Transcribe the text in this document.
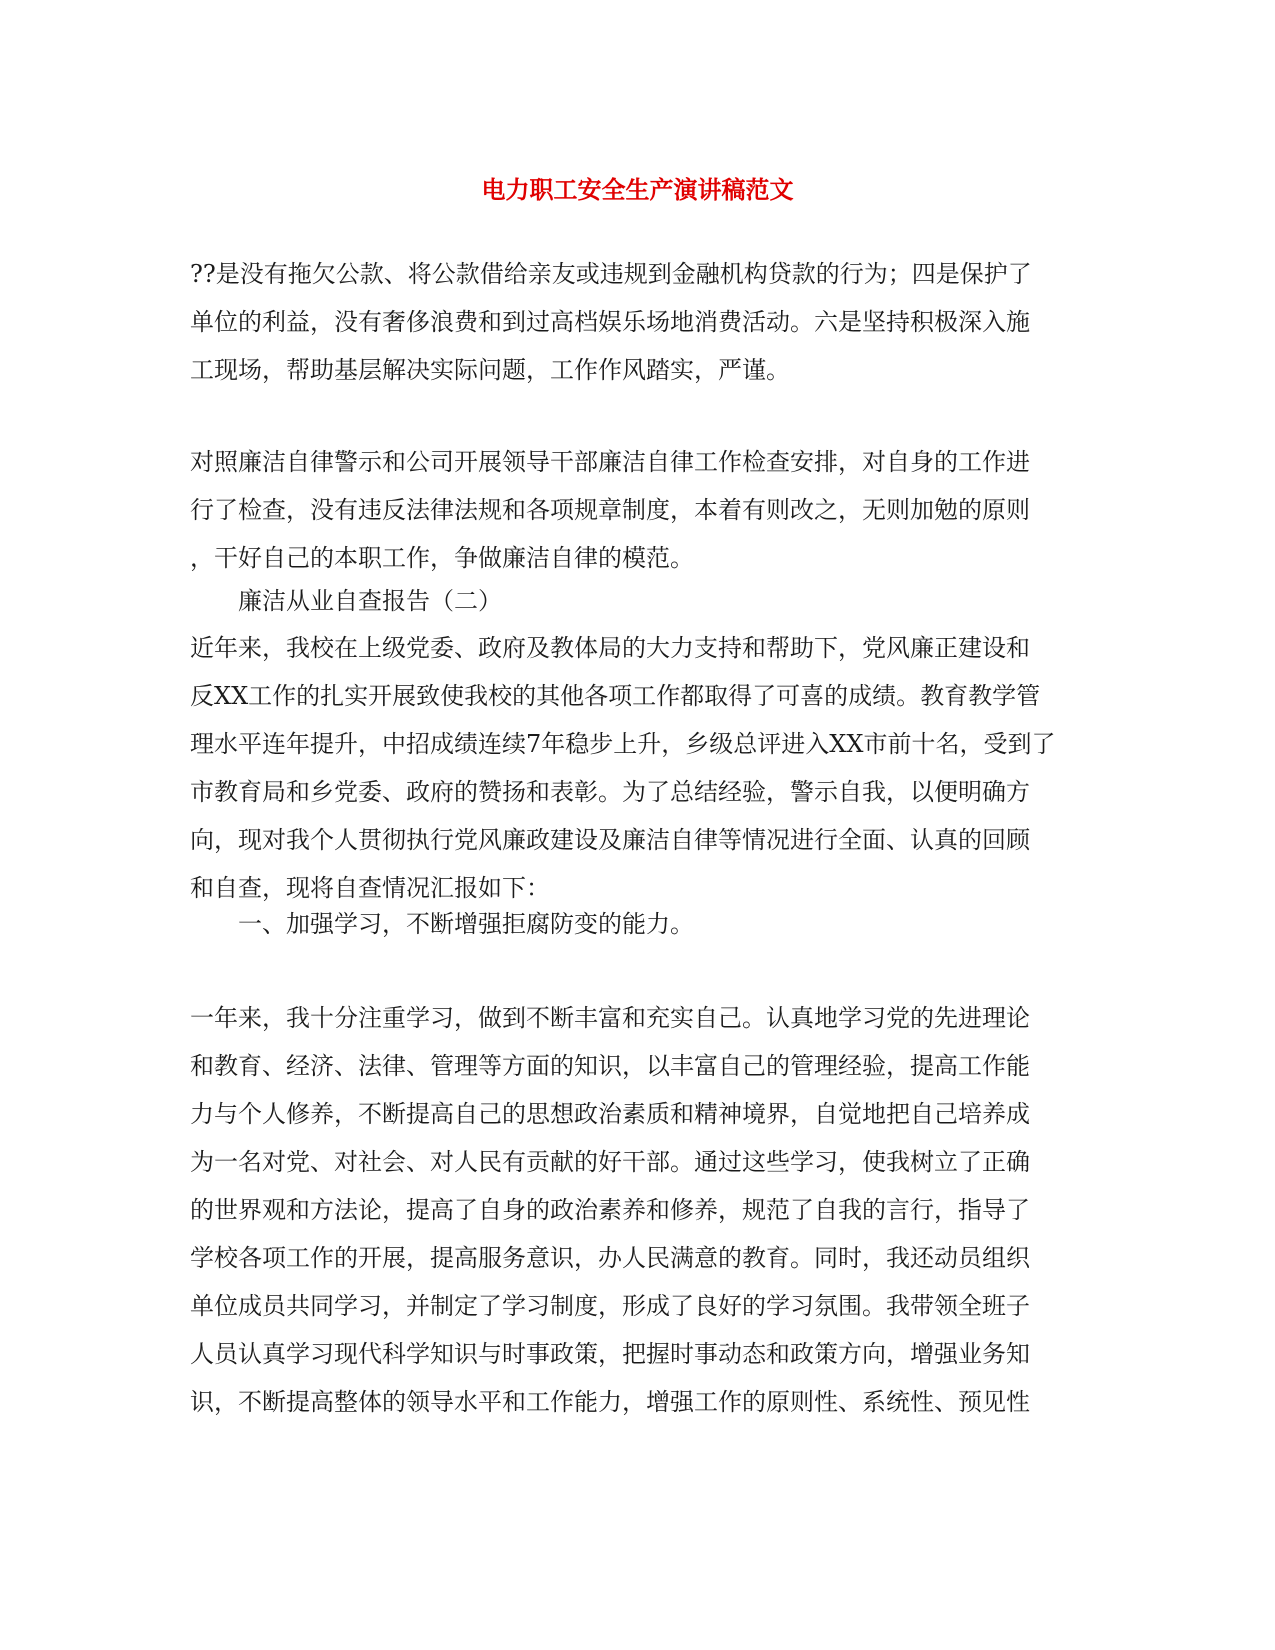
电力职工安全生产演讲稿范文

??是没有拖欠公款、将公款借给亲友或违规到金融机构贷款的行为；四是保护了
单位的利益，没有奢侈浪费和到过高档娱乐场地消费活动。六是坚持积极深入施
工现场，帮助基层解决实际问题，工作作风踏实，严谨。

对照廉洁自律警示和公司开展领导干部廉洁自律工作检查安排，对自身的工作进
行了检查，没有违反法律法规和各项规章制度，本着有则改之，无则加勉的原则
，干好自己的本职工作，争做廉洁自律的模范。

廉洁从业自查报告（二）

近年来，我校在上级党委、政府及教体局的大力支持和帮助下，党风廉正建设和
反XX工作的扎实开展致使我校的其他各项工作都取得了可喜的成绩。教育教学管
理水平连年提升，中招成绩连续7年稳步上升，乡级总评进入XX市前十名，受到了
市教育局和乡党委、政府的赞扬和表彰。为了总结经验，警示自我，以便明确方
向，现对我个人贯彻执行党风廉政建设及廉洁自律等情况进行全面、认真的回顾
和自查，现将自查情况汇报如下：

一、加强学习，不断增强拒腐防变的能力。

一年来，我十分注重学习，做到不断丰富和充实自己。认真地学习党的先进理论
和教育、经济、法律、管理等方面的知识，以丰富自己的管理经验，提高工作能
力与个人修养，不断提高自己的思想政治素质和精神境界，自觉地把自己培养成
为一名对党、对社会、对人民有贡献的好干部。通过这些学习，使我树立了正确
的世界观和方法论，提高了自身的政治素养和修养，规范了自我的言行，指导了
学校各项工作的开展，提高服务意识，办人民满意的教育。同时，我还动员组织
单位成员共同学习，并制定了学习制度，形成了良好的学习氛围。我带领全班子
人员认真学习现代科学知识与时事政策，把握时事动态和政策方向，增强业务知
识，不断提高整体的领导水平和工作能力，增强工作的原则性、系统性、预见性
